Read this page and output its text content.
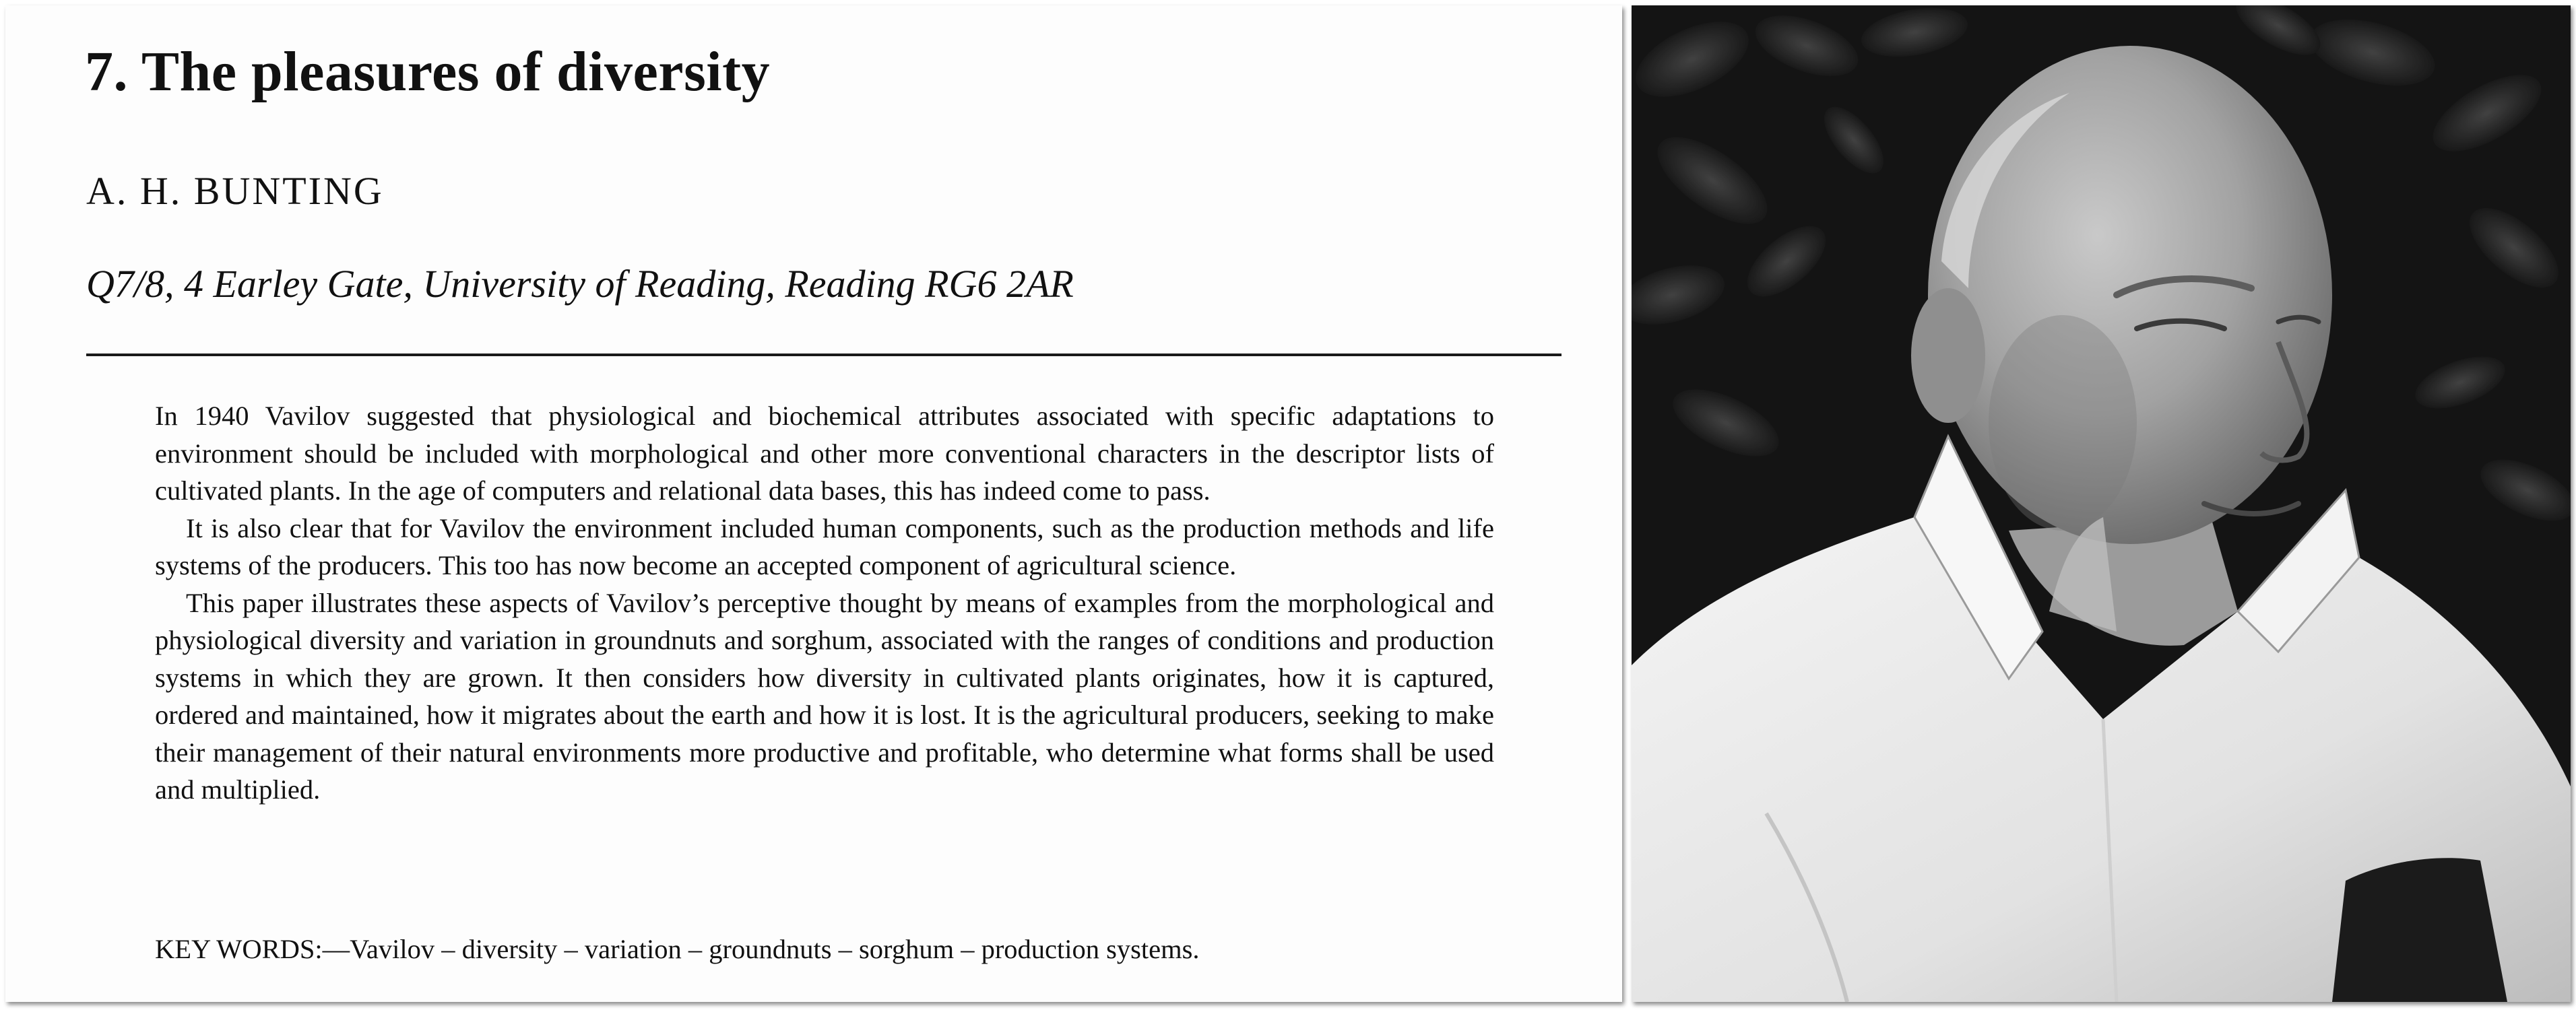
7. The pleasures of diversity
A. H. BUNTING
Q7/8, 4 Earley Gate, University of Reading, Reading RG6 2AR

In 1940 Vavilov suggested that physiological and biochemical attributes associated with specific adaptations to environment should be included with morphological and other more conventional characters in the descriptor lists of cultivated plants. In the age of computers and relational data bases, this has indeed come to pass.

It is also clear that for Vavilov the environment included human components, such as the production methods and life systems of the producers. This too has now become an accepted component of agricultural science.

This paper illustrates these aspects of Vavilov’s perceptive thought by means of examples from the morphological and physiological diversity and variation in groundnuts and sorghum, associated with the ranges of conditions and production systems in which they are grown. It then considers how diversity in cultivated plants originates, how it is captured, ordered and maintained, how it migrates about the earth and how it is lost. It is the agricultural producers, seeking to make their management of their natural environments more productive and profitable, who determine what forms shall be used and multiplied.

KEY WORDS:—Vavilov – diversity – variation – groundnuts – sorghum – production systems.
